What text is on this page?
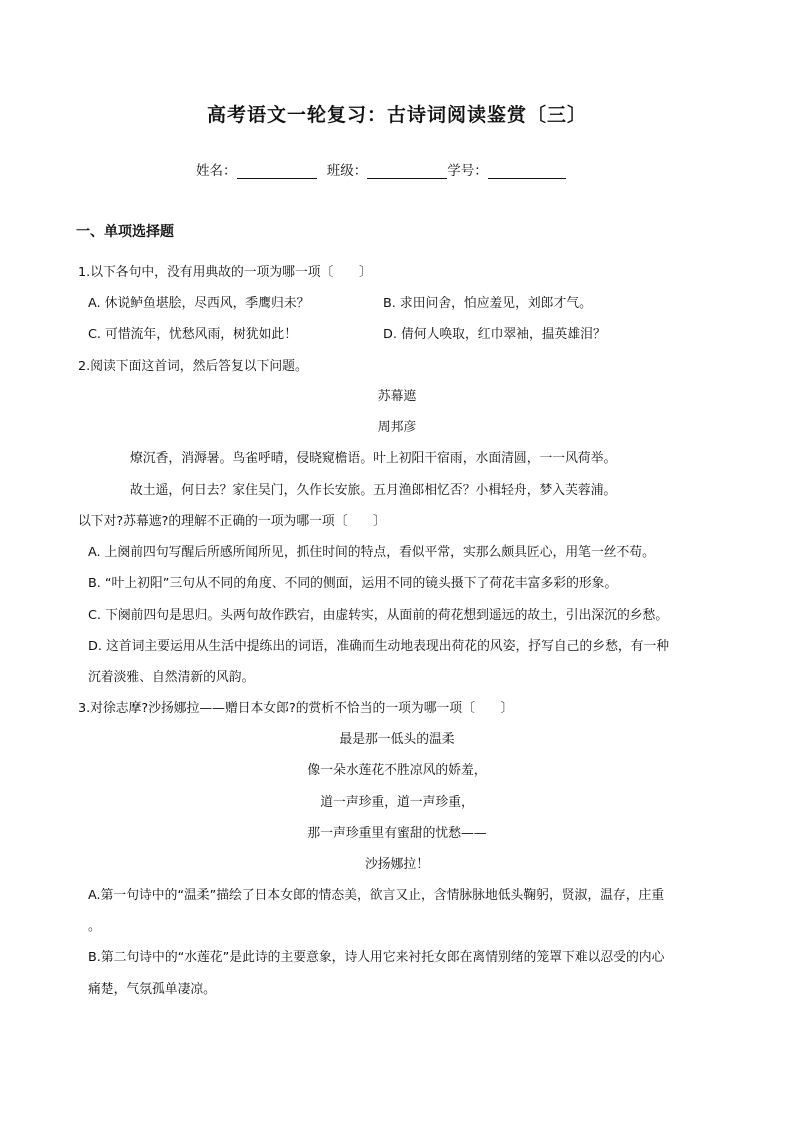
高考语文一轮复习：古诗词阅读鉴赏〔三〕
姓名：	班级：	学号：
一、单项选择题
1.以下各句中，没有用典故的一项为哪一项〔　　〕
A. 休说鲈鱼堪脍，尽西风，季鹰归未？	B. 求田问舍，怕应羞见，刘郎才气。
C. 可惜流年，忧愁风雨，树犹如此！	D. 倩何人唤取，红巾翠袖，揾英雄泪？
2.阅读下面这首词，然后答复以下问题。
苏幕遮
周邦彦
燎沉香，消溽暑。鸟雀呼晴，侵晓窥檐语。叶上初阳干宿雨，水面清圆，一一风荷举。
故土遥，何日去？家住吴门，久作长安旅。五月渔郎相忆否？小楫轻舟，梦入芙蓉浦。
以下对?苏幕遮?的理解不正确的一项为哪一项〔　　〕
A. 上阕前四句写醒后所感所闻所见，抓住时间的特点，看似平常，实那么颇具匠心，用笔一丝不苟。
B. “叶上初阳”三句从不同的角度、不同的侧面，运用不同的镜头摄下了荷花丰富多彩的形象。
C. 下阕前四句是思归。头两句故作跌宕，由虚转实，从面前的荷花想到遥远的故土，引出深沉的乡愁。
D. 这首词主要运用从生活中提练出的词语，准确而生动地表现出荷花的风姿，抒写自己的乡愁，有一种
沉着淡雅、自然清新的风韵。
3.对徐志摩?沙扬娜拉——赠日本女郎?的赏析不恰当的一项为哪一项〔　　〕
最是那一低头的温柔
像一朵水莲花不胜凉风的娇羞，
道一声珍重，道一声珍重，
那一声珍重里有蜜甜的忧愁——
沙扬娜拉！
A.第一句诗中的“温柔”描绘了日本女郎的情态美，欲言又止，含情脉脉地低头鞠躬，贤淑，温存，庄重
。
B.第二句诗中的“水莲花”是此诗的主要意象，诗人用它来衬托女郎在离情别绪的笼罩下难以忍受的内心
痛楚，气氛孤单凄凉。
